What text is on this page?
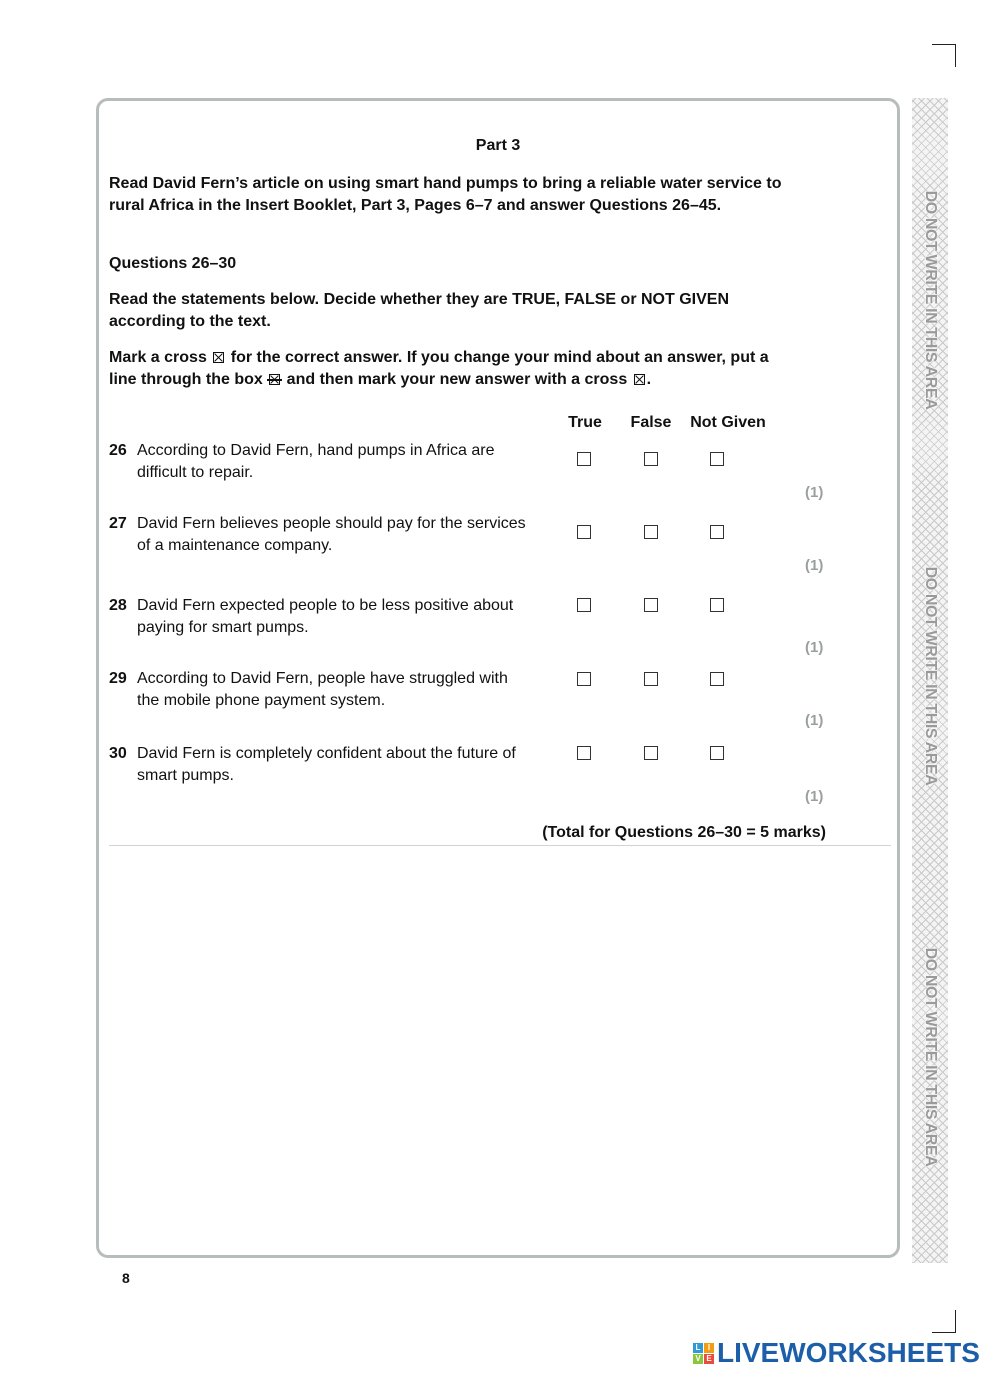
DO NOT WRITE IN THIS AREA
DO NOT WRITE IN THIS AREA
DO NOT WRITE IN THIS AREA
Part 3
Read David Fern’s article on using smart hand pumps to bring a reliable water service to rural Africa in the Insert Booklet, Part 3, Pages 6–7 and answer Questions 26–45.
Questions 26–30
Read the statements below. Decide whether they are TRUE, FALSE or NOT GIVEN according to the text.
Mark a cross ☒ for the correct answer. If you change your mind about an answer, put a line through the box and then mark your new answer with a cross ☒ .
True False Not Given
26 According to David Fern, hand pumps in Africa are difficult to repair.
(1)
27 David Fern believes people should pay for the services of a maintenance company.
(1)
28 David Fern expected people to be less positive about paying for smart pumps.
(1)
29 According to David Fern, people have struggled with the mobile phone payment system.
(1)
30 David Fern is completely confident about the future of smart pumps.
(1)
(Total for Questions 26–30 = 5 marks)
8
L I
V E LIVEWORKSHEETS
